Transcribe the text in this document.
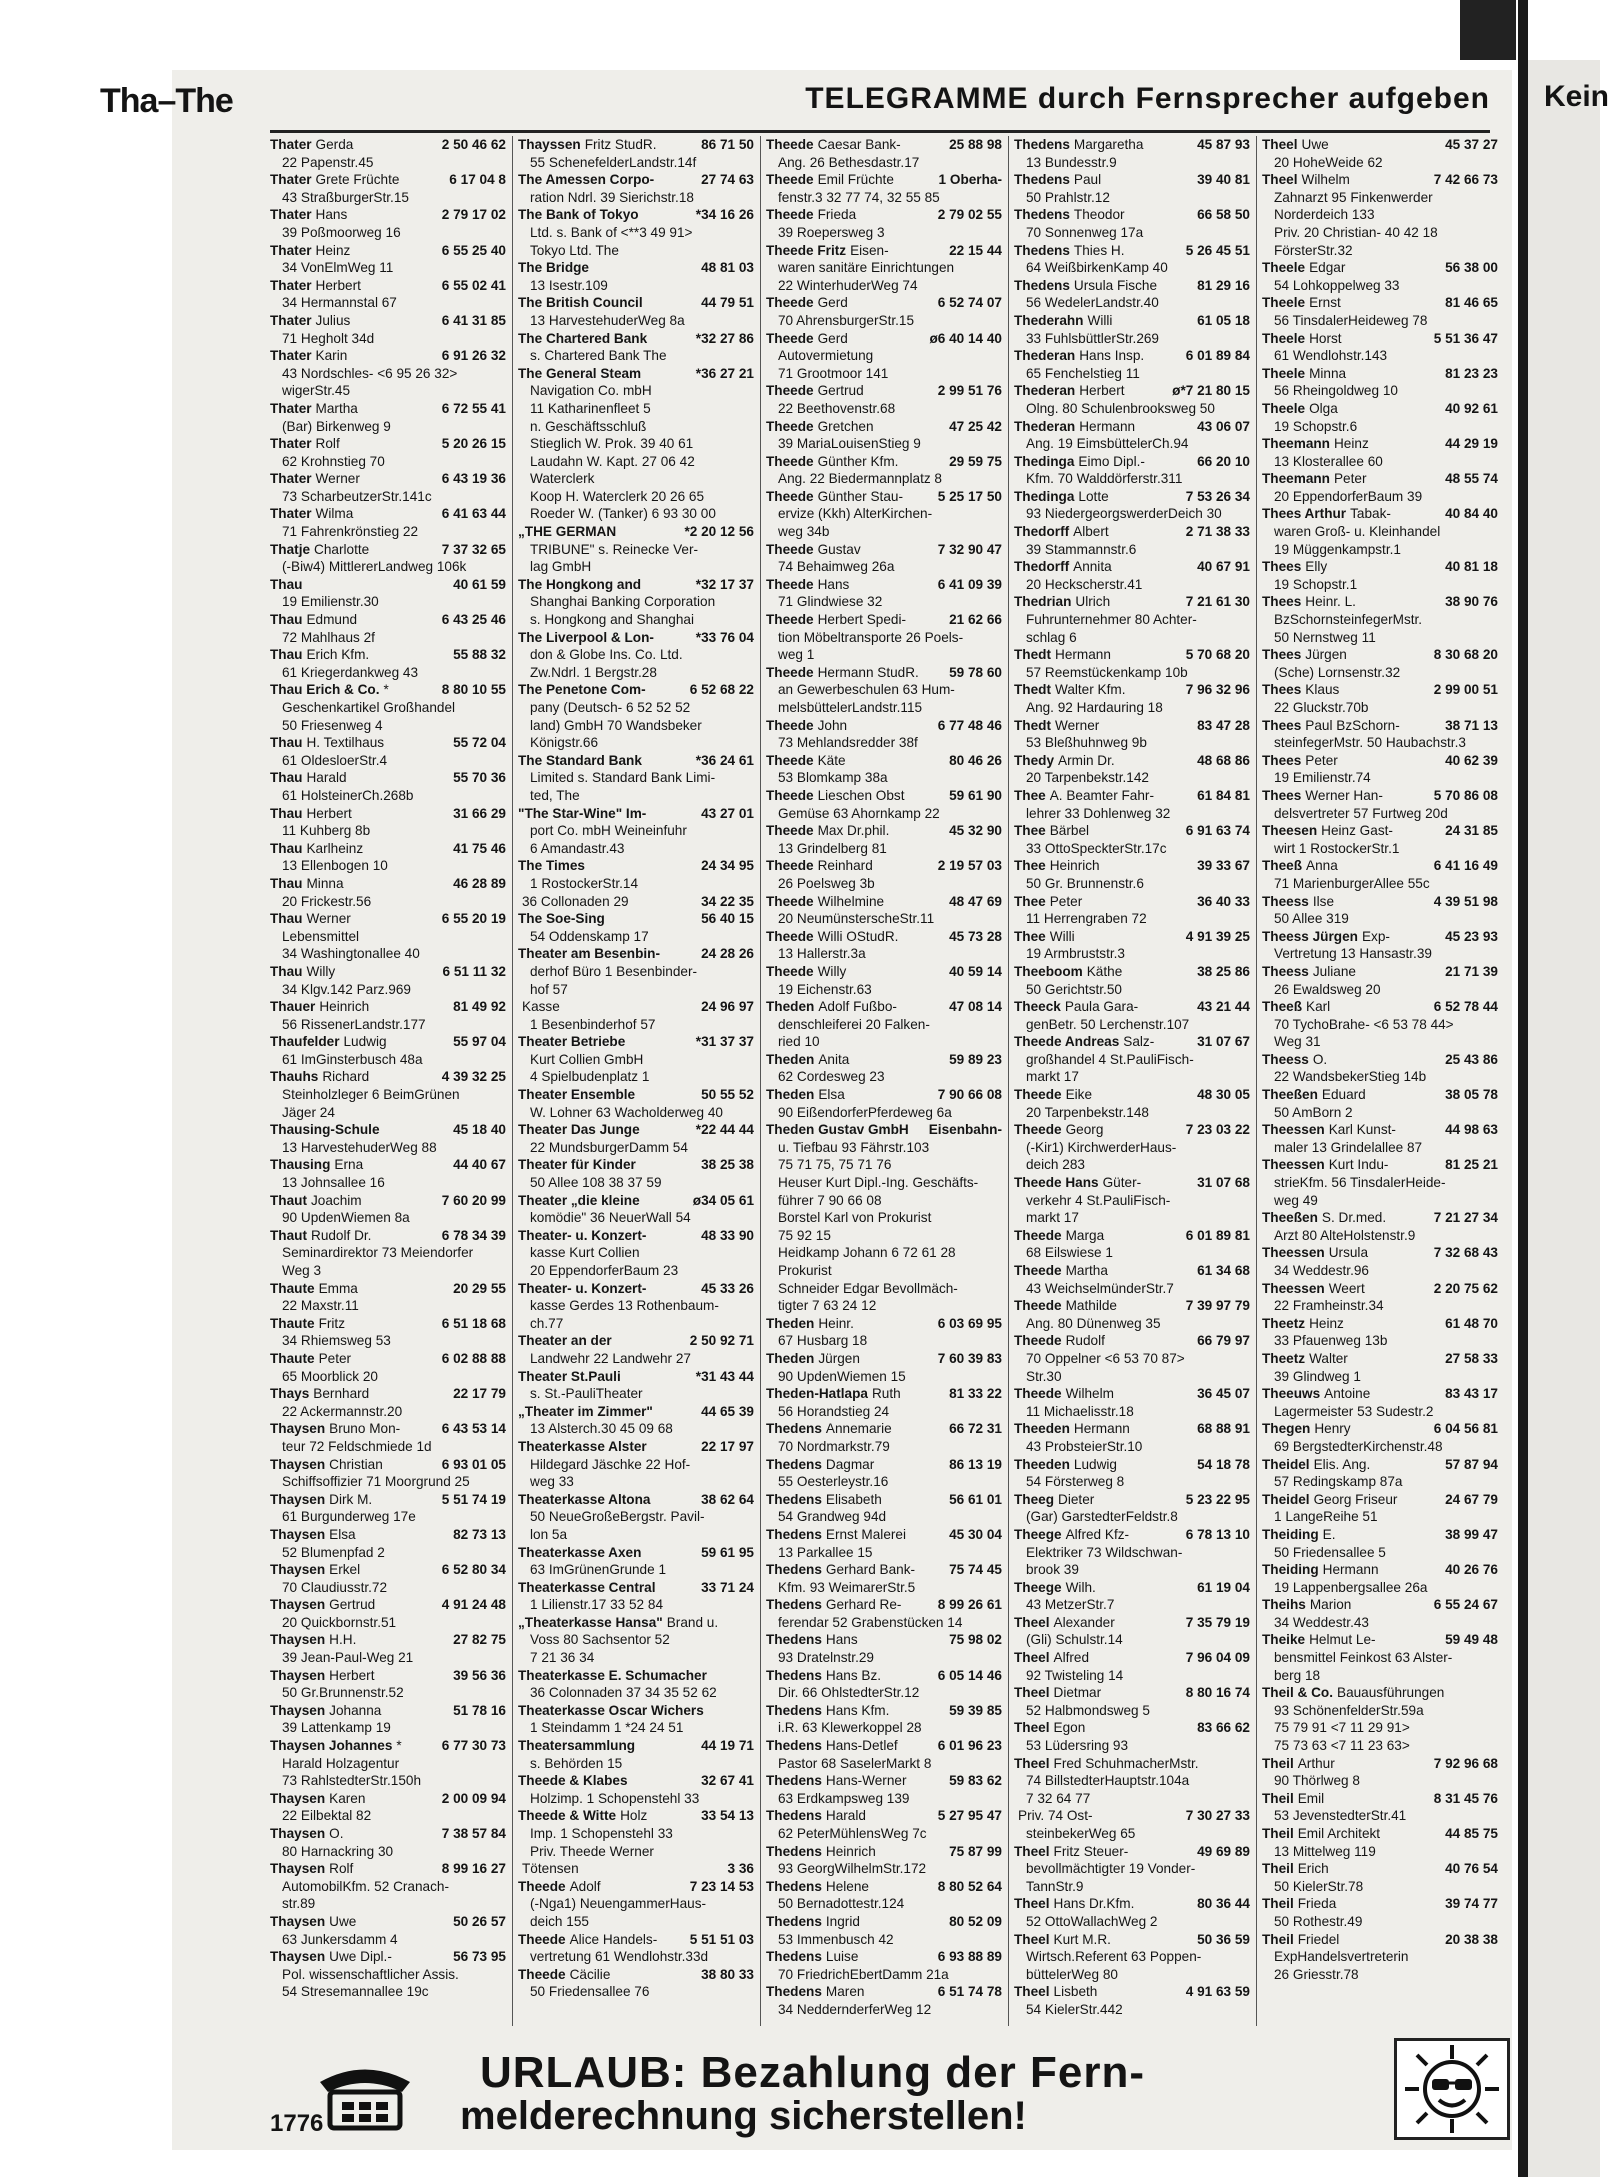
Kein
Tha–The	TELEGRAMME durch Fernsprecher aufgeben
Thater Gerda	2 50 46 62
22 Papenstr.45
Thater Grete Früchte	6 17 04 8
43 StraßburgerStr.15
Thater Hans	2 79 17 02
39 Poßmoorweg 16
Thater Heinz	6 55 25 40
34 VonElmWeg 11
Thater Herbert	6 55 02 41
34 Hermannstal 67
Thater Julius	6 41 31 85
71 Hegholt 34d
Thater Karin	6 91 26 32
43 Nordschles- <6 95 26 32>
wigerStr.45
Thater Martha	6 72 55 41
(Bar) Birkenweg 9
Thater Rolf	5 20 26 15
62 Krohnstieg 70
Thater Werner	6 43 19 36
73 ScharbeutzerStr.141c
Thater Wilma	6 41 63 44
71 Fahrenkrönstieg 22
Thatje Charlotte	7 37 32 65
(-Biw4) MittlererLandweg 106k
Thau	40 61 59
19 Emilienstr.30
Thau Edmund	6 43 25 46
72 Mahlhaus 2f
Thau Erich Kfm.	55 88 32
61 Kriegerdankweg 43
Thau Erich & Co. *	8 80 10 55
Geschenkartikel Großhandel
50 Friesenweg 4
Thau H. Textilhaus	55 72 04
61 OldesloerStr.4
Thau Harald	55 70 36
61 HolsteinerCh.268b
Thau Herbert	31 66 29
11 Kuhberg 8b
Thau Karlheinz	41 75 46
13 Ellenbogen 10
Thau Minna	46 28 89
20 Frickestr.56
Thau Werner	6 55 20 19
Lebensmittel
34 Washingtonallee 40
Thau Willy	6 51 11 32
34 Klgv.142 Parz.969
Thauer Heinrich	81 49 92
56 RissenerLandstr.177
Thaufelder Ludwig	55 97 04
61 ImGinsterbusch 48a
Thauhs Richard	4 39 32 25
Steinholzleger 6 BeimGrünen
Jäger 24
Thausing-Schule	45 18 40
13 HarvestehuderWeg 88
Thausing Erna	44 40 67
13 Johnsallee 16
Thaut Joachim	7 60 20 99
90 UpdenWiemen 8a
Thaut Rudolf Dr.	6 78 34 39
Seminardirektor 73 Meiendorfer
Weg 3
Thaute Emma	20 29 55
22 Maxstr.11
Thaute Fritz	6 51 18 68
34 Rhiemsweg 53
Thaute Peter	6 02 88 88
65 Moorblick 20
Thays Bernhard	22 17 79
22 Ackermannstr.20
Thaysen Bruno Mon-	6 43 53 14
teur 72 Feldschmiede 1d
Thaysen Christian	6 93 01 05
Schiffsoffizier 71 Moorgrund 25
Thaysen Dirk M.	5 51 74 19
61 Burgunderweg 17e
Thaysen Elsa	82 73 13
52 Blumenpfad 2
Thaysen Erkel	6 52 80 34
70 Claudiusstr.72
Thaysen Gertrud	4 91 24 48
20 Quickbornstr.51
Thaysen H.H.	27 82 75
39 Jean-Paul-Weg 21
Thaysen Herbert	39 56 36
50 Gr.Brunnenstr.52
Thaysen Johanna	51 78 16
39 Lattenkamp 19
Thaysen Johannes *	6 77 30 73
Harald Holzagentur
73 RahlstedterStr.150h
Thaysen Karen	2 00 09 94
22 Eilbektal 82
Thaysen O.	7 38 57 84
80 Harnackring 30
Thaysen Rolf	8 99 16 27
AutomobilKfm. 52 Cranach-
str.89
Thaysen Uwe	50 26 57
63 Junkersdamm 4
Thaysen Uwe Dipl.-	56 73 95
Pol. wissenschaftlicher Assis.
54 Stresemannallee 19c
Thayssen Fritz StudR.	86 71 50
55 SchenefelderLandstr.14f
The Amessen Corpo-	27 74 63
ration Ndrl. 39 Sierichstr.18
The Bank of Tokyo	*34 16 26
Ltd. s. Bank of <**3 49 91>
Tokyo Ltd. The
The Bridge	48 81 03
13 Isestr.109
The British Council	44 79 51
13 HarvestehuderWeg 8a
The Chartered Bank	*32 27 86
s. Chartered Bank The
The General Steam	*36 27 21
Navigation Co. mbH
11 Katharinenfleet 5
n. Geschäftsschluß
Stieglich W. Prok. 39 40 61
Laudahn W. Kapt. 27 06 42
Waterclerk
Koop H. Waterclerk 20 26 65
Roeder W. (Tanker) 6 93 30 00
„THE GERMAN	*2 20 12 56
TRIBUNE" s. Reinecke Ver-
lag GmbH
The Hongkong and	*32 17 37
Shanghai Banking Corporation
s. Hongkong and Shanghai
The Liverpool & Lon-	*33 76 04
don & Globe Ins. Co. Ltd.
Zw.Ndrl. 1 Bergstr.28
The Penetone Com-	6 52 68 22
pany (Deutsch- 6 52 52 52
land) GmbH 70 Wandsbeker
Königstr.66
The Standard Bank	*36 24 61
Limited s. Standard Bank Limi-
ted, The
"The Star-Wine" Im-	43 27 01
port Co. mbH Weineinfuhr
6 Amandastr.43
The Times	24 34 95
1 RostockerStr.14
36 Collonaden 29	34 22 35
The Soe-Sing	56 40 15
54 Oddenskamp 17
Theater am Besenbin-	24 28 26
derhof Büro 1 Besenbinder-
hof 57
Kasse	24 96 97
1 Besenbinderhof 57
Theater Betriebe	*31 37 37
Kurt Collien GmbH
4 Spielbudenplatz 1
Theater Ensemble	50 55 52
W. Lohner 63 Wacholderweg 40
Theater Das Junge	*22 44 44
22 MundsburgerDamm 54
Theater für Kinder	38 25 38
50 Allee 108 38 37 59
Theater „die kleine	ø34 05 61
komödie" 36 NeuerWall 54
Theater- u. Konzert-	48 33 90
kasse Kurt Collien
20 EppendorferBaum 23
Theater- u. Konzert-	45 33 26
kasse Gerdes 13 Rothenbaum-
ch.77
Theater an der	2 50 92 71
Landwehr 22 Landwehr 27
Theater St.Pauli	*31 43 44
s. St.-PauliTheater
„Theater im Zimmer"	44 65 39
13 Alsterch.30 45 09 68
Theaterkasse Alster	22 17 97
Hildegard Jäschke 22 Hof-
weg 33
Theaterkasse Altona	38 62 64
50 NeueGroßeBergstr. Pavil-
lon 5a
Theaterkasse Axen	59 61 95
63 ImGrünenGrunde 1
Theaterkasse Central	33 71 24
1 Lilienstr.17 33 52 84
„Theaterkasse Hansa" Brand u.
Voss 80 Sachsentor 52
7 21 36 34
Theaterkasse E. Schumacher
36 Colonnaden 37 34 35 52 62
Theaterkasse Oscar Wichers
1 Steindamm 1 *24 24 51
Theatersammlung	44 19 71
s. Behörden 15
Theede & Klabes	32 67 41
Holzimp. 1 Schopenstehl 33
Theede & Witte Holz	33 54 13
Imp. 1 Schopenstehl 33
Priv. Theede Werner
Tötensen	3 36
Theede Adolf	7 23 14 53
(-Nga1) NeuengammerHaus-
deich 155
Theede Alice Handels- 5 51 51 03
vertretung 61 Wendlohstr.33d
Theede Cäcilie	38 80 33
50 Friedensallee 76
Theede Caesar Bank-	25 88 98
Ang. 26 Bethesdastr.17
Theede Emil Früchte	1 Oberha-
fenstr.3 32 77 74, 32 55 85
Theede Frieda	2 79 02 55
39 Roepersweg 3
Theede Fritz Eisen-	22 15 44
waren sanitäre Einrichtungen
22 WinterhuderWeg 74
Theede Gerd	6 52 74 07
70 AhrensburgerStr.15
Theede Gerd	ø6 40 14 40
Autovermietung
71 Grootmoor 141
Theede Gertrud	2 99 51 76
22 Beethovenstr.68
Theede Gretchen	47 25 42
39 MariaLouisenStieg 9
Theede Günther Kfm.	29 59 75
Ang. 22 Biedermannplatz 8
Theede Günther Stau-	5 25 17 50
ervize (Kkh) AlterKirchen-
weg 34b
Theede Gustav	7 32 90 47
74 Behaimweg 26a
Theede Hans	6 41 09 39
71 Glindwiese 32
Theede Herbert Spedi-	21 62 66
tion Möbeltransporte 26 Poels-
weg 1
Theede Hermann StudR. 59 78 60
an Gewerbeschulen 63 Hum-
melsbüttelerLandstr.115
Theede John	6 77 48 46
73 Mehlandsredder 38f
Theede Käte	80 46 26
53 Blomkamp 38a
Theede Lieschen Obst	59 61 90
Gemüse 63 Ahornkamp 22
Theede Max Dr.phil.	45 32 90
13 Grindelberg 81
Theede Reinhard	2 19 57 03
26 Poelsweg 3b
Theede Wilhelmine	48 47 69
20 NeumünsterscheStr.11
Theede Willi OStudR.	45 73 28
13 Hallerstr.3a
Theede Willy	40 59 14
19 Eichenstr.63
Theden Adolf Fußbo-	47 08 14
denschleiferei 20 Falken-
ried 10
Theden Anita	59 89 23
62 Cordesweg 23
Theden Elsa	7 90 66 08
90 EißendorferPferdeweg 6a
Theden Gustav GmbH Eisenbahn-
u. Tiefbau 93 Fährstr.103
75 71 75, 75 71 76
Heuser Kurt Dipl.-Ing. Geschäfts-
führer 7 90 66 08
Borstel Karl von Prokurist
75 92 15
Heidkamp Johann 6 72 61 28
Prokurist
Schneider Edgar Bevollmäch-
tigter 7 63 24 12
Theden Heinr.	6 03 69 95
67 Husbarg 18
Theden Jürgen	7 60 39 83
90 UpdenWiemen 15
Theden-Hatlapa Ruth	81 33 22
56 Horandstieg 24
Thedens Annemarie	66 72 31
70 Nordmarkstr.79
Thedens Dagmar	86 13 19
55 Oesterleystr.16
Thedens Elisabeth	56 61 01
54 Grandweg 94d
Thedens Ernst Malerei	45 30 04
13 Parkallee 15
Thedens Gerhard Bank-	75 74 45
Kfm. 93 WeimarerStr.5
Thedens Gerhard Re-	8 99 26 61
ferendar 52 Grabenstücken 14
Thedens Hans	75 98 02
93 Dratelnstr.29
Thedens Hans Bz.	6 05 14 46
Dir. 66 OhlstedterStr.12
Thedens Hans Kfm.	59 39 85
i.R. 63 Klewerkoppel 28
Thedens Hans-Detlef	6 01 96 23
Pastor 68 SaselerMarkt 8
Thedens Hans-Werner	59 83 62
63 Erdkampsweg 139
Thedens Harald	5 27 95 47
62 PeterMühlensWeg 7c
Thedens Heinrich	75 87 99
93 GeorgWilhelmStr.172
Thedens Helene	8 80 52 64
50 Bernadottestr.124
Thedens Ingrid	80 52 09
53 Immenbusch 42
Thedens Luise	6 93 88 89
70 FriedrichEbertDamm 21a
Thedens Maren	6 51 74 78
34 NeddernderferWeg 12
Thedens Margaretha	45 87 93
13 Bundesstr.9
Thedens Paul	39 40 81
50 Prahlstr.12
Thedens Theodor	66 58 50
70 Sonnenweg 17a
Thedens Thies H.	5 26 45 51
64 WeißbirkenKamp 40
Thedens Ursula Fische	81 29 16
56 WedelerLandstr.40
Thederahn Willi	61 05 18
33 FuhlsbüttlerStr.269
Thederan Hans Insp.	6 01 89 84
65 Fenchelstieg 11
Thederan Herbert	ø*7 21 80 15
Olng. 80 Schulenbrooksweg 50
Thederan Hermann	43 06 07
Ang. 19 EimsbüttelerCh.94
Thedinga Eimo Dipl.-	66 20 10
Kfm. 70 Walddörferstr.311
Thedinga Lotte	7 53 26 34
93 NiedergeorgswerderDeich 30
Thedorff Albert	2 71 38 33
39 Stammannstr.6
Thedorff Annita	40 67 91
20 Heckscherstr.41
Thedrian Ulrich	7 21 61 30
Fuhrunternehmer 80 Achter-
schlag 6
Thedt Hermann	5 70 68 20
57 Reemstückenkamp 10b
Thedt Walter Kfm.	7 96 32 96
Ang. 92 Hardauring 18
Thedt Werner	83 47 28
53 Bleßhuhnweg 9b
Thedy Armin Dr.	48 68 86
20 Tarpenbekstr.142
Thee A. Beamter Fahr-	61 84 81
lehrer 33 Dohlenweg 32
Thee Bärbel	6 91 63 74
33 OttoSpeckterStr.17c
Thee Heinrich	39 33 67
50 Gr. Brunnenstr.6
Thee Peter	36 40 33
11 Herrengraben 72
Thee Willi	4 91 39 25
19 Armbruststr.3
Theeboom Käthe	38 25 86
50 Gerichtstr.50
Theeck Paula Gara-	43 21 44
genBetr. 50 Lerchenstr.107
Theede Andreas Salz-	31 07 67
großhandel 4 St.PauliFisch-
markt 17
Theede Eike	48 30 05
20 Tarpenbekstr.148
Theede Georg	7 23 03 22
(-Kir1) KirchwerderHaus-
deich 283
Theede Hans Güter-	31 07 68
verkehr 4 St.PauliFisch-
markt 17
Theede Marga	6 01 89 81
68 Eilswiese 1
Theede Martha	61 34 68
43 WeichselmünderStr.7
Theede Mathilde	7 39 97 79
Ang. 80 Dünenweg 35
Theede Rudolf	66 79 97
70 Oppelner <6 53 70 87>
Str.30
Theede Wilhelm	36 45 07
11 Michaelisstr.18
Theeden Hermann	68 88 91
43 ProbsteierStr.10
Theeden Ludwig	54 18 78
54 Försterweg 8
Theeg Dieter	5 23 22 95
(Gar) GarstedterFeldstr.8
Theege Alfred Kfz-	6 78 13 10
Elektriker 73 Wildschwan-
brook 39
Theege Wilh.	61 19 04
43 MetzerStr.7
Theel Alexander	7 35 79 19
(Gli) Schulstr.14
Theel Alfred	7 96 04 09
92 Twisteling 14
Theel Dietmar	8 80 16 74
52 Halbmondsweg 5
Theel Egon	83 66 62
53 Lüdersring 93
Theel Fred SchuhmacherMstr.
74 BillstedterHauptstr.104a
7 32 64 77
Priv. 74 Ost-	7 30 27 33
steinbekerWeg 65
Theel Fritz Steuer-	49 69 89
bevollmächtigter 19 Vonder-
TannStr.9
Theel Hans Dr.Kfm.	80 36 44
52 OttoWallachWeg 2
Theel Kurt M.R.	50 36 59
Wirtsch.Referent 63 Poppen-
büttelerWeg 80
Theel Lisbeth	4 91 63 59
54 KielerStr.442
Theel Uwe	45 37 27
20 HoheWeide 62
Theel Wilhelm	7 42 66 73
Zahnarzt 95 Finkenwerder
Norderdeich 133
Priv. 20 Christian- 40 42 18
FörsterStr.32
Theele Edgar	56 38 00
54 Lohkoppelweg 33
Theele Ernst	81 46 65
56 TinsdalerHeideweg 78
Theele Horst	5 51 36 47
61 Wendlohstr.143
Theele Minna	81 23 23
56 Rheingoldweg 10
Theele Olga	40 92 61
19 Schopstr.6
Theemann Heinz	44 29 19
13 Klosterallee 60
Theemann Peter	48 55 74
20 EppendorferBaum 39
Thees Arthur Tabak-	40 84 40
waren Groß- u. Kleinhandel
19 Müggenkampstr.1
Thees Elly	40 81 18
19 Schopstr.1
Thees Heinr. L.	38 90 76
BzSchornsteinfegerMstr.
50 Nernstweg 11
Thees Jürgen	8 30 68 20
(Sche) Lornsenstr.32
Thees Klaus	2 99 00 51
22 Gluckstr.70b
Thees Paul BzSchorn-	38 71 13
steinfegerMstr. 50 Haubachstr.3
Thees Peter	40 62 39
19 Emilienstr.74
Thees Werner Han-	5 70 86 08
delsvertreter 57 Furtweg 20d
Theesen Heinz Gast-	24 31 85
wirt 1 RostockerStr.1
Theeß Anna	6 41 16 49
71 MarienburgerAllee 55c
Theess Ilse	4 39 51 98
50 Allee 319
Theess Jürgen Exp-	45 23 93
Vertretung 13 Hansastr.39
Theess Juliane	21 71 39
26 Ewaldsweg 20
Theeß Karl	6 52 78 44
70 TychoBrahe- <6 53 78 44>
Weg 31
Theess O.	25 43 86
22 WandsbekerStieg 14b
Theeßen Eduard	38 05 78
50 AmBorn 2
Theessen Karl Kunst-	44 98 63
maler 13 Grindelallee 87
Theessen Kurt Indu-	81 25 21
strieKfm. 56 TinsdalerHeide-
weg 49
Theeßen S. Dr.med.	7 21 27 34
Arzt 80 AlteHolstenstr.9
Theessen Ursula	7 32 68 43
34 Weddestr.96
Theessen Weert	2 20 75 62
22 Framheinstr.34
Theetz Heinz	61 48 70
33 Pfauenweg 13b
Theetz Walter	27 58 33
39 Glindweg 1
Theeuws Antoine	83 43 17
Lagermeister 53 Sudestr.2
Thegen Henry	6 04 56 81
69 BergstedterKirchenstr.48
Theidel Elis. Ang.	57 87 94
57 Redingskamp 87a
Theidel Georg Friseur	24 67 79
1 LangeReihe 51
Theiding E.	38 99 47
50 Friedensallee 5
Theiding Hermann	40 26 76
19 Lappenbergsallee 26a
Theihs Marion	6 55 24 67
34 Weddestr.43
Theike Helmut Le-	59 49 48
bensmittel Feinkost 63 Alster-
berg 18
Theil & Co. Bauausführungen
93 SchönenfelderStr.59a
75 79 91 <7 11 29 91>
75 73 63 <7 11 23 63>
Theil Arthur	7 92 96 68
90 Thörlweg 8
Theil Emil	8 31 45 76
53 JevenstedterStr.41
Theil Emil Architekt	44 85 75
13 Mittelweg 119
Theil Erich	40 76 54
50 KielerStr.78
Theil Frieda	39 74 77
50 Rothestr.49
Theil Friedel	20 38 38
ExpHandelsvertreterin
26 Griesstr.78
1776
URLAUB: Bezahlung der Fern-
melderechnung sicherstellen!
